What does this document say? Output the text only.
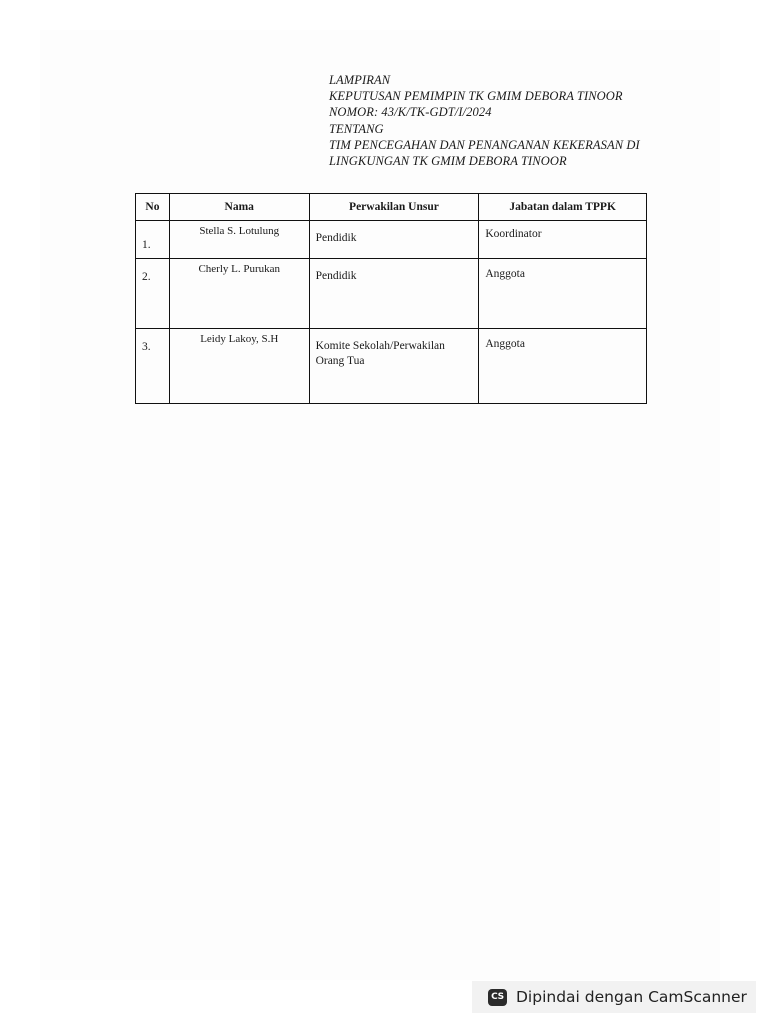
LAMPIRAN
KEPUTUSAN PEMIMPIN TK GMIM DEBORA TINOOR
NOMOR: 43/K/TK-GDT/I/2024
TENTANG
TIM PENCEGAHAN DAN PENANGANAN KEKERASAN DI
LINGKUNGAN TK GMIM DEBORA TINOOR
No	Nama	Perwakilan Unsur	Jabatan dalam TPPK
1.	Stella S. Lotulung	Pendidik	Koordinator
2.	Cherly L. Purukan	Pendidik	Anggota
3.	Leidy Lakoy, S.H	Komite Sekolah/Perwakilan Orang Tua	Anggota
CS Dipindai dengan CamScanner
